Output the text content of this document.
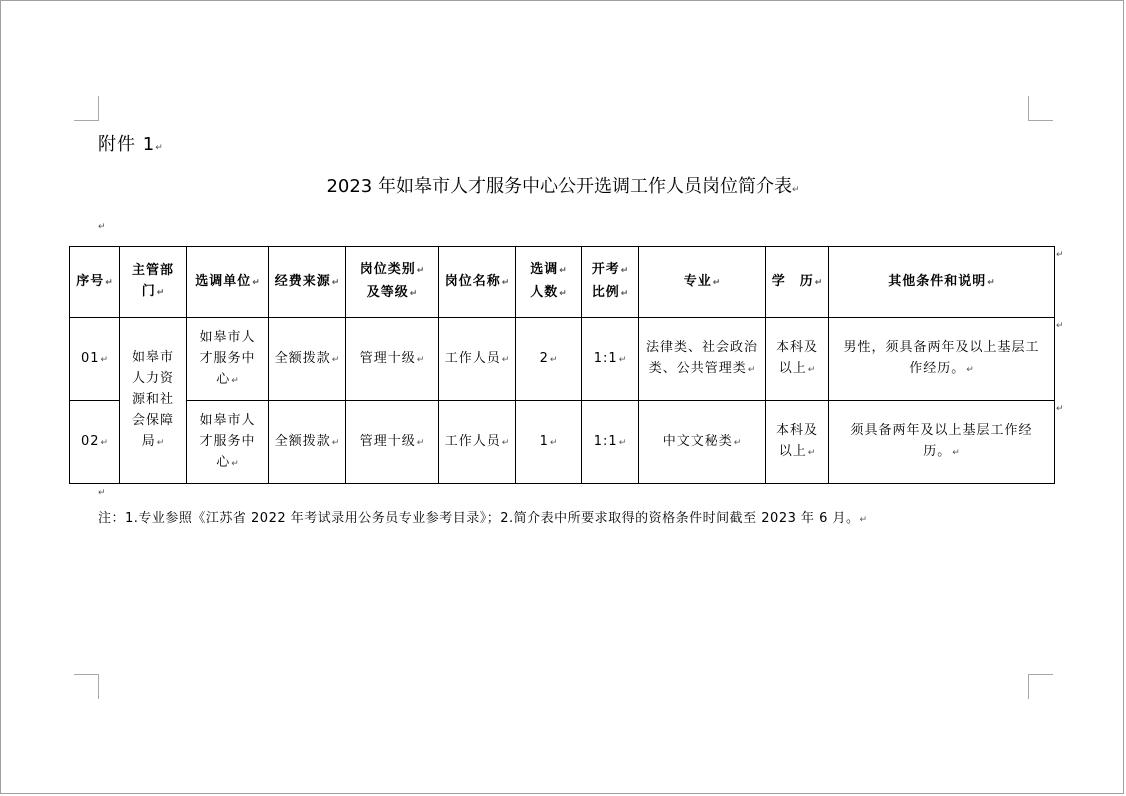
附件 1↵
2023 年如皋市人才服务中心公开选调工作人员岗位简介表↵
↵
序号↵	主管部
门↵	选调单位↵	经费来源↵	岗位类别↵
及等级↵	岗位名称↵	选调↵
人数↵	开考↵
比例↵	专业↵	学　历↵	其他条件和说明↵
01↵	如皋市
人力资
源和社
会保障
局↵	如皋市人
才服务中
心↵	全额拨款↵	管理十级↵	工作人员↵	2↵	1:1↵	法律类、社会政治
类、公共管理类↵	本科及
以上↵	男性，须具备两年及以上基层工
作经历。↵
02↵		如皋市人
才服务中
心↵	全额拨款↵	管理十级↵	工作人员↵	1↵	1:1↵	中文文秘类↵	本科及
以上↵	须具备两年及以上基层工作经
历。↵
↵
↵
↵
↵
注：1.专业参照《江苏省 2022 年考试录用公务员专业参考目录》；2.简介表中所要求取得的资格条件时间截至 2023 年 6 月。↵
